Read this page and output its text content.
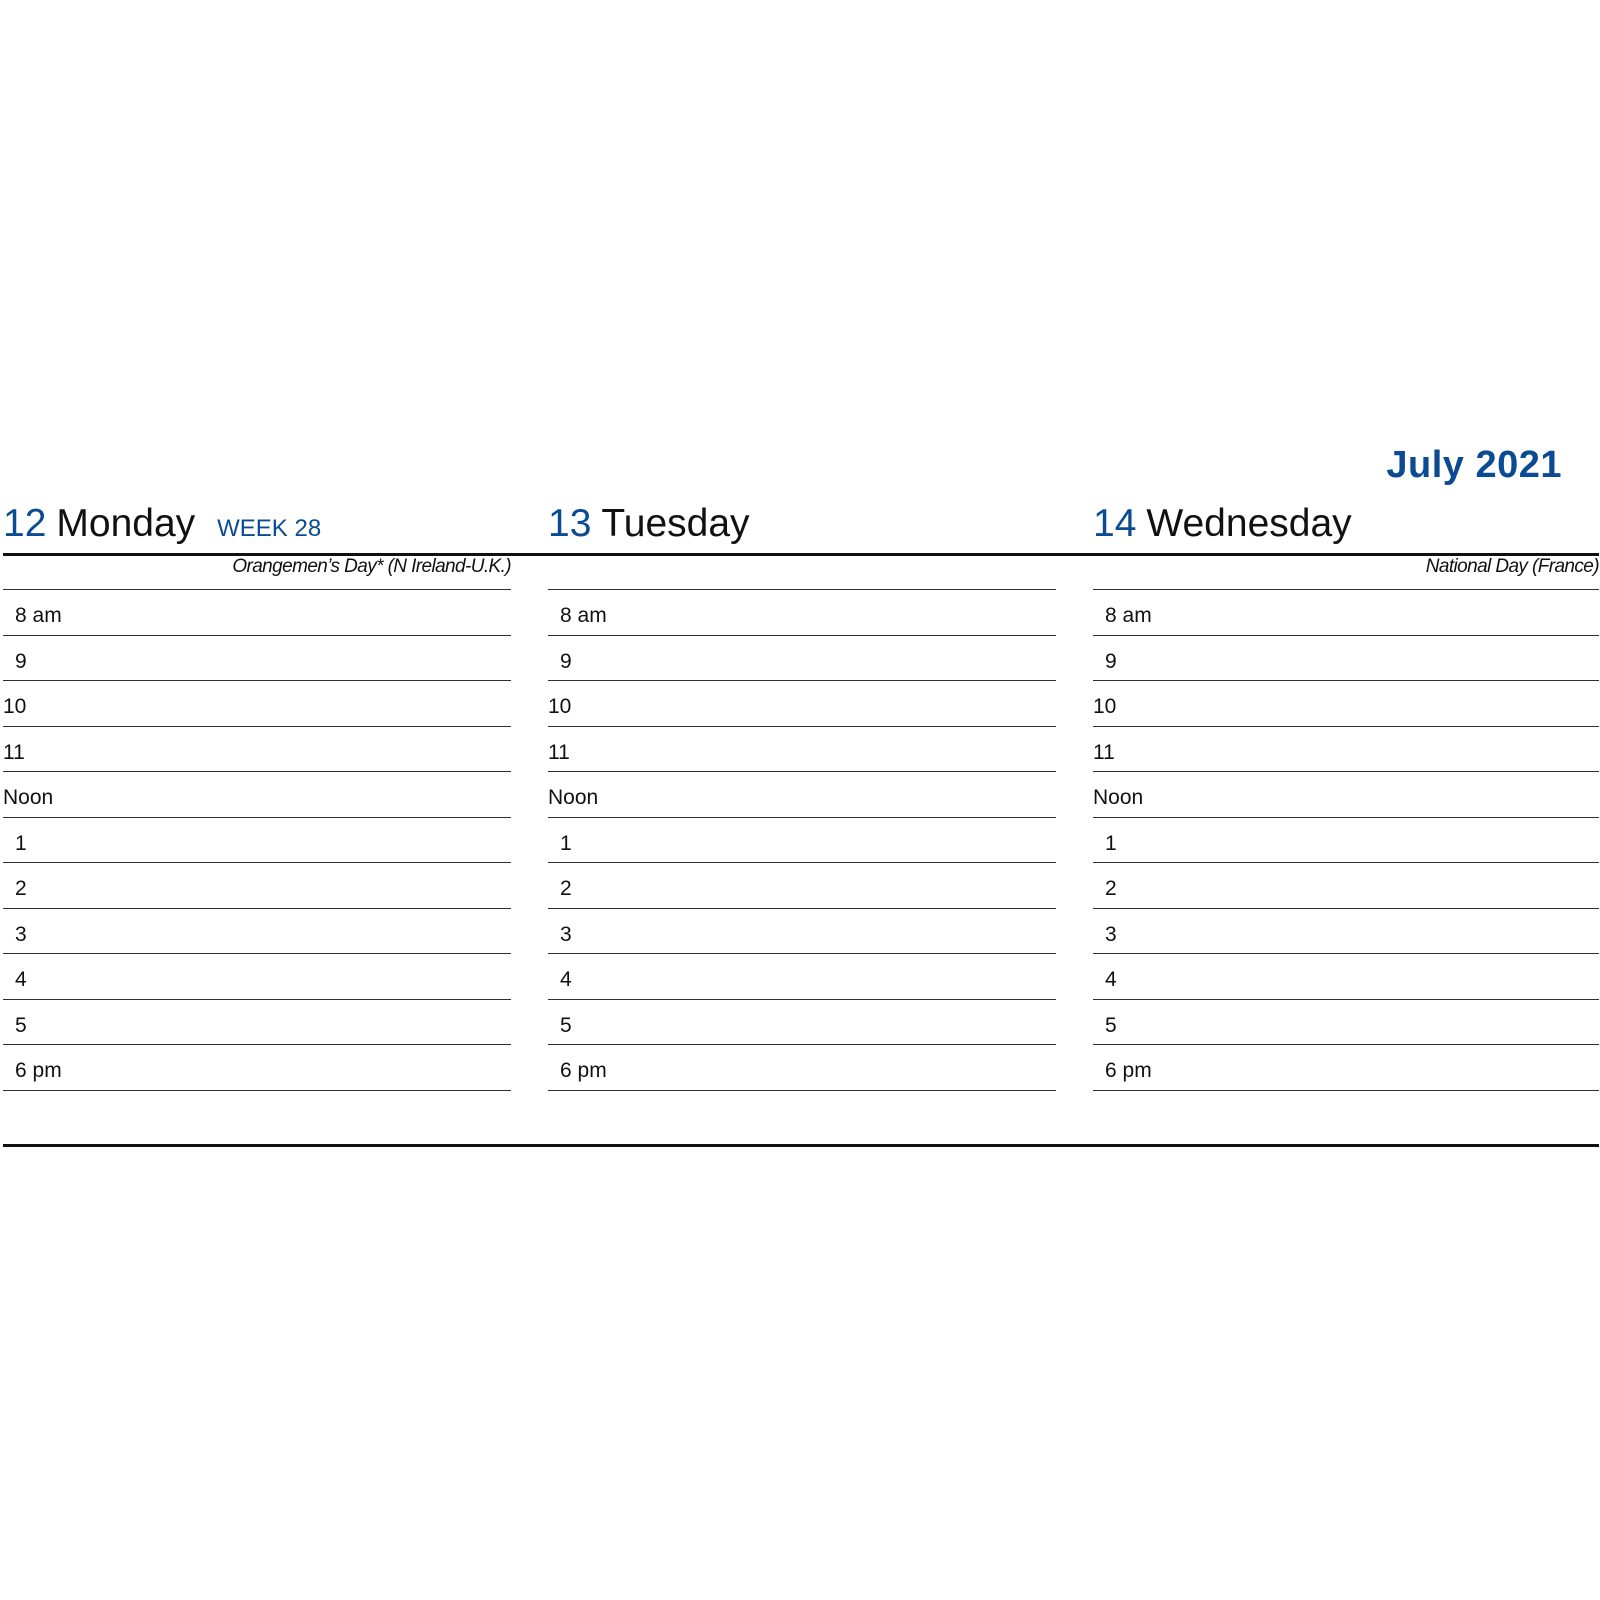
July 2021
12 Monday WEEK 28
Orangemen’s Day* (N Ireland-U.K.)
8 am
9
10
11
Noon
1
2
3
4
5
6 pm
13 Tuesday
8 am
9
10
11
Noon
1
2
3
4
5
6 pm
14 Wednesday
National Day (France)
8 am
9
10
11
Noon
1
2
3
4
5
6 pm
